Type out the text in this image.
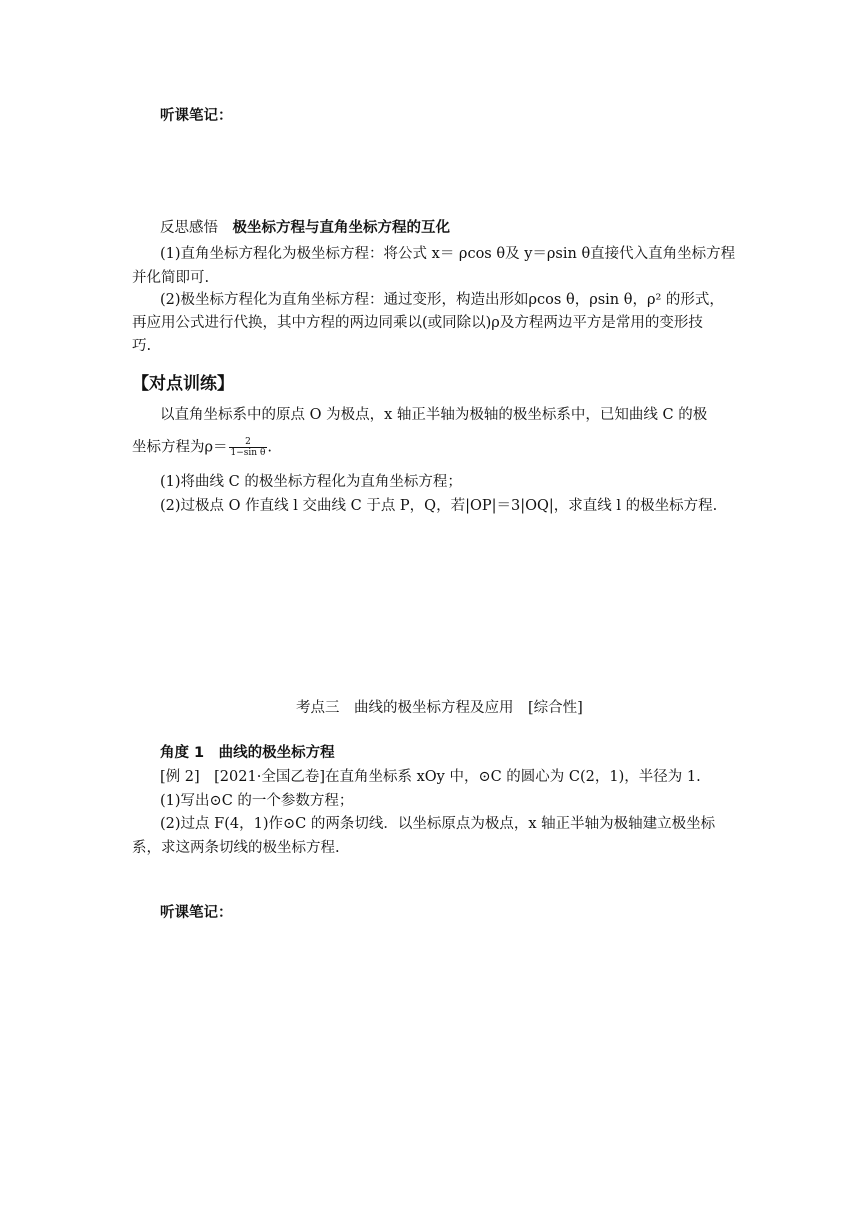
听课笔记：
反思感悟　 极坐标方程与直角坐标方程的互化
(1)直角坐标方程化为极坐标方程：将公式 x＝ ρcos θ及 y＝ρsin θ直接代入直角坐标方程
并化简即可.
(2)极坐标方程化为直角坐标方程：通过变形，构造出形如ρcos θ，ρsin θ，ρ² 的形式，
再应用公式进行代换，其中方程的两边同乘以(或同除以)ρ及方程两边平方是常用的变形技
巧.
【对点训练】
以直角坐标系中的原点 O 为极点，x 轴正半轴为极轴的极坐标系中，已知曲线 C 的极
坐标方程为$\rho= \frac{2}{\text{1−sin θ}}$ .
(1)将曲线 C 的极坐标方程化为直角坐标方程；
(2)过极点 O 作直线 l 交曲线 C 于点 P，Q，若|OP|＝3|OQ|，求直线 l 的极坐标方程.
考点三　曲线的极坐标方程及应用　[综合性]
角度 1　曲线的极坐标方程
[例 2]　[2021·全国乙卷]在直角坐标系 xOy 中，⊙C 的圆心为 C(2，1)，半径为 1.
(1)写出⊙C 的一个参数方程；
(2)过点 F(4，1)作⊙C 的两条切线．以坐标原点为极点，x 轴正半轴为极轴建立极坐标
系，求这两条切线的极坐标方程.
听课笔记：
